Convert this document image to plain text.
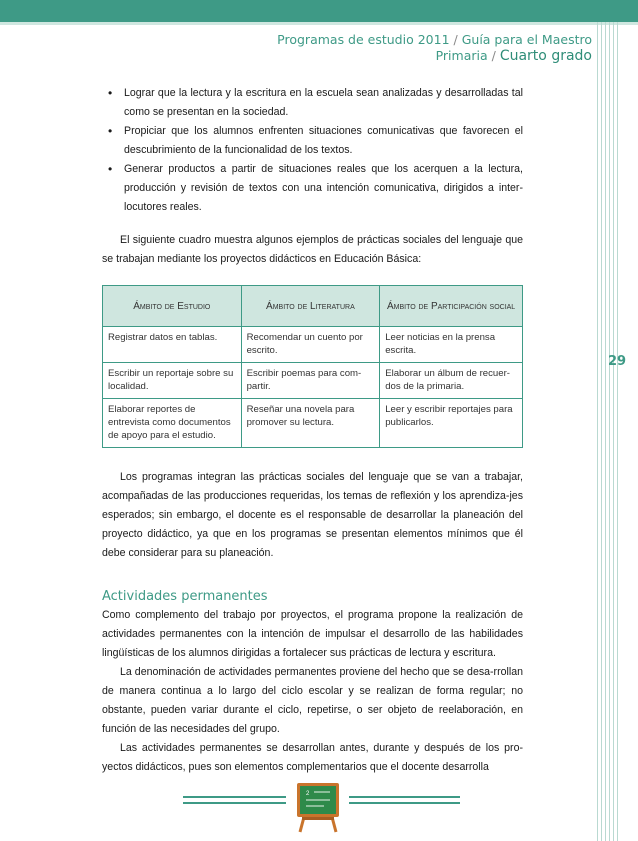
Programas de estudio 2011 / Guía para el Maestro
Primaria / Cuarto grado
29
• Lograr que la lectura y la escritura en la escuela sean analizadas y desarrolladas tal como se presentan en la sociedad.
• Propiciar que los alumnos enfrenten situaciones comunicativas que favorecen el descubrimiento de la funcionalidad de los textos.
• Generar productos a partir de situaciones reales que los acerquen a la lectura, producción y revisión de textos con una intención comunicativa, dirigidos a inter-locutores reales.

El siguiente cuadro muestra algunos ejemplos de prácticas sociales del lenguaje que se trabajan mediante los proyectos didácticos en Educación Básica:

Ámbito de Estudio	Ámbito de Literatura	Ámbito de Participación social
Registrar datos en tablas.	Recomendar un cuento por escrito.	Leer noticias en la prensa escrita.
Escribir un reportaje sobre su localidad.	Escribir poemas para com-partir.	Elaborar un álbum de recuer-dos de la primaria.
Elaborar reportes de entrevista como documentos de apoyo para el estudio.	Reseñar una novela para promover su lectura.	Leer y escribir reportajes para publicarlos.

Los programas integran las prácticas sociales del lenguaje que se van a trabajar, acompañadas de las producciones requeridas, los temas de reflexión y los aprendiza-jes esperados; sin embargo, el docente es el responsable de desarrollar la planeación del proyecto didáctico, ya que en los programas se presentan elementos mínimos que él debe considerar para su planeación.

Actividades permanentes

Como complemento del trabajo por proyectos, el programa propone la realización de actividades permanentes con la intención de impulsar el desarrollo de las habilidades lingüísticas de los alumnos dirigidas a fortalecer sus prácticas de lectura y escritura.

La denominación de actividades permanentes proviene del hecho que se desa-rrollan de manera continua a lo largo del ciclo escolar y se realizan de forma regular; no obstante, pueden variar durante el ciclo, repetirse, o ser objeto de reelaboración, en función de las necesidades del grupo.

Las actividades permanentes se desarrollan antes, durante y después de los pro-yectos didácticos, pues son elementos complementarios que el docente desarrolla

2
